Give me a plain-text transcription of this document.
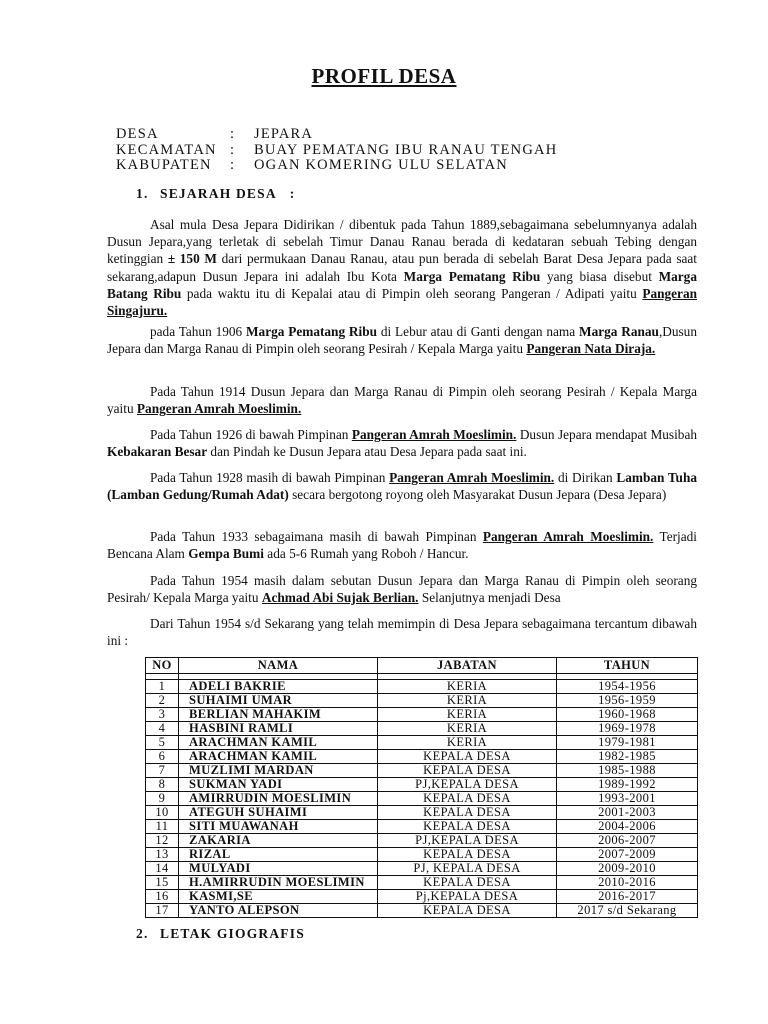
PROFIL DESA
DESA	:	JEPARA
KECAMATAN :	BUAY PEMATANG IBU RANAU TENGAH
KABUPATEN	:	OGAN KOMERING ULU SELATAN
1. SEJARAH DESA   :

Asal mula Desa Jepara Didirikan / dibentuk pada Tahun 1889,sebagaimana sebelumnyanya adalah Dusun Jepara,yang terletak di sebelah Timur Danau Ranau berada di kedataran sebuah Tebing dengan ketinggian ± 150 M dari permukaan Danau Ranau, atau pun berada di sebelah Barat Desa Jepara pada saat sekarang,adapun Dusun Jepara ini adalah Ibu Kota Marga Pematang Ribu yang biasa disebut Marga Batang Ribu pada waktu itu di Kepalai atau di Pimpin oleh seorang Pangeran / Adipati yaitu Pangeran Singajuru.

pada Tahun 1906 Marga Pematang Ribu di Lebur atau di Ganti dengan nama Marga Ranau,Dusun Jepara dan Marga Ranau di Pimpin oleh seorang Pesirah / Kepala Marga yaitu Pangeran Nata Diraja.

Pada Tahun 1914 Dusun Jepara dan Marga Ranau di Pimpin oleh seorang Pesirah / Kepala Marga yaitu Pangeran Amrah Moeslimin.

Pada Tahun 1926 di bawah Pimpinan Pangeran Amrah Moeslimin. Dusun Jepara mendapat Musibah Kebakaran Besar dan Pindah ke Dusun Jepara atau Desa Jepara pada saat ini.

Pada Tahun 1928 masih di bawah Pimpinan Pangeran Amrah Moeslimin. di Dirikan Lamban Tuha (Lamban Gedung/Rumah Adat) secara bergotong royong oleh Masyarakat Dusun Jepara (Desa Jepara)

Pada Tahun 1933 sebagaimana masih di bawah Pimpinan Pangeran Amrah Moeslimin. Terjadi Bencana Alam Gempa Bumi ada 5-6 Rumah yang Roboh / Hancur.

Pada Tahun 1954 masih dalam sebutan Dusun Jepara dan Marga Ranau di Pimpin oleh seorang Pesirah/ Kepala Marga yaitu Achmad Abi Sujak Berlian. Selanjutnya menjadi Desa

Dari Tahun 1954 s/d Sekarang yang telah memimpin di Desa Jepara sebagaimana tercantum dibawah ini :

NO	NAMA	JABATAN	TAHUN

1	ADELI BAKRIE	KERIA	1954-1956
2	SUHAIMI UMAR	KERIA	1956-1959
3	BERLIAN MAHAKIM	KERIA	1960-1968
4	HASBINI RAMLI	KERIA	1969-1978
5	ARACHMAN KAMIL	KERIA	1979-1981
6	ARACHMAN KAMIL	KEPALA DESA	1982-1985
7	MUZLIMI MARDAN	KEPALA DESA	1985-1988
8	SUKMAN YADI	PJ,KEPALA DESA	1989-1992
9	AMIRRUDIN MOESLIMIN	KEPALA DESA	1993-2001
10	ATEGUH SUHAIMI	KEPALA DESA	2001-2003
11	SITI MUAWANAH	KEPALA DESA	2004-2006
12	ZAKARIA	PJ,KEPALA DESA	2006-2007
13	RIZAL	KEPALA DESA	2007-2009
14	MULYADI	PJ, KEPALA DESA	2009-2010
15	H.AMIRRUDIN MOESLIMIN	KEPALA DESA	2010-2016
16	KASMI,SE	Pj,KEPALA DESA	2016-2017
17	YANTO ALEPSON	KEPALA DESA	2017 s/d Sekarang
2. LETAK GIOGRAFIS
